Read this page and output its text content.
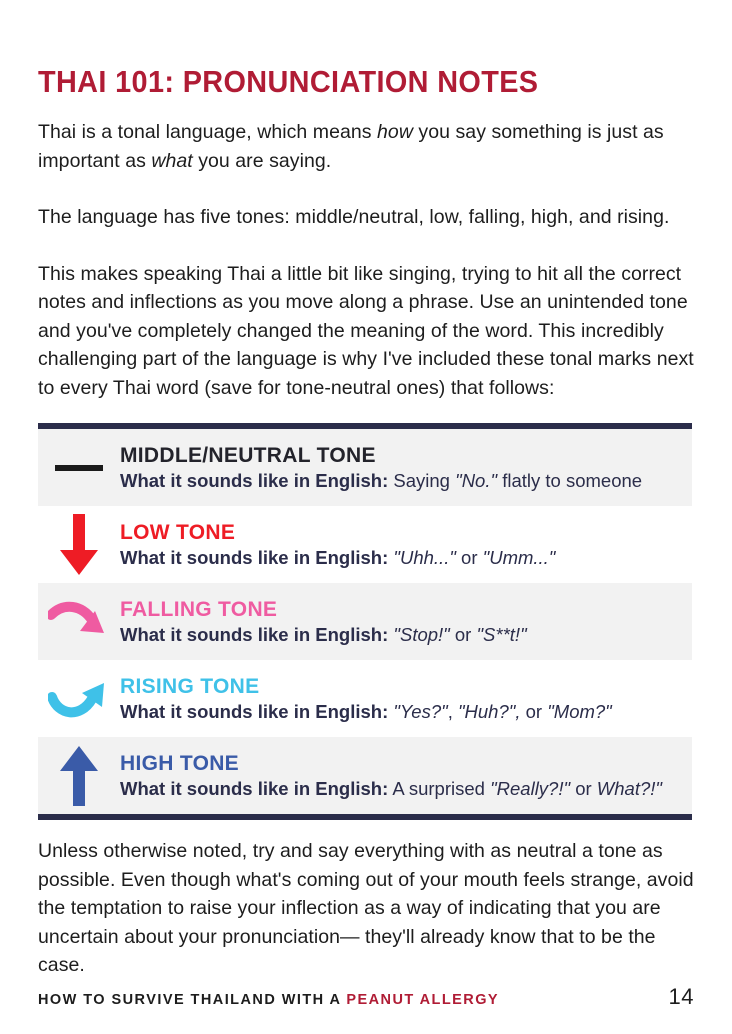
THAI 101: PRONUNCIATION NOTES

Thai is a tonal language, which means how you say something is just as important as what you are saying.

The language has five tones: middle/neutral, low, falling, high, and rising.

This makes speaking Thai a little bit like singing, trying to hit all the correct notes and inflections as you move along a phrase. Use an unintended tone and you've completely changed the meaning of the word. This incredibly challenging part of the language is why I've included these tonal marks next to every Thai word (save for tone-neutral ones) that follows:

MIDDLE/NEUTRAL TONE

What it sounds like in English: Saying "No." flatly to someone

LOW TONE

What it sounds like in English: "Uhh..." or "Umm..."

FALLING TONE

What it sounds like in English: "Stop!" or "S**t!"

RISING TONE

What it sounds like in English: "Yes?", "Huh?", or "Mom?"

HIGH TONE

What it sounds like in English: A surprised "Really?!" or What?!"

Unless otherwise noted, try and say everything with as neutral a tone as possible. Even though what's coming out of your mouth feels strange, avoid the temptation to raise your inflection as a way of indicating that you are uncertain about your pronunciation— they'll already know that to be the case.

HOW TO SURVIVE THAILAND WITH A PEANUT ALLERGY	14
